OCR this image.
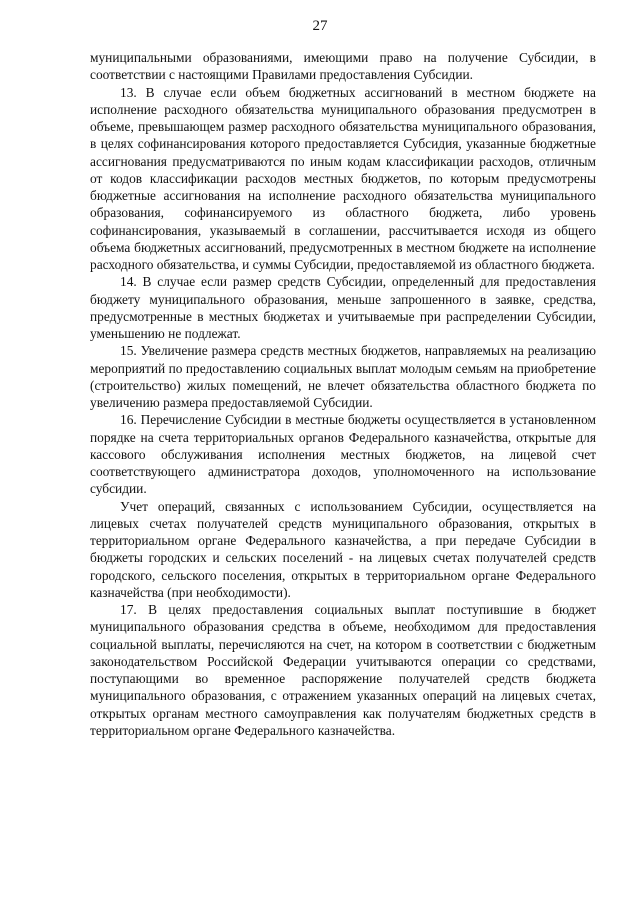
27

муниципальными образованиями, имеющими право на получение Субсидии, в соответствии с настоящими Правилами предоставления Субсидии.

13. В случае если объем бюджетных ассигнований в местном бюджете на исполнение расходного обязательства муниципального образования предусмотрен в объеме, превышающем размер расходного обязательства муниципального образования, в целях софинансирования которого предоставляется Субсидия, указанные бюджетные ассигнования предусматриваются по иным кодам классификации расходов, отличным от кодов классификации расходов местных бюджетов, по которым предусмотрены бюджетные ассигнования на исполнение расходного обязательства муниципального образования, софинансируемого из областного бюджета, либо уровень софинансирования, указываемый в соглашении, рассчитывается исходя из общего объема бюджетных ассигнований, предусмотренных в местном бюджете на исполнение расходного обязательства, и суммы Субсидии, предоставляемой из областного бюджета.

14. В случае если размер средств Субсидии, определенный для предоставления бюджету муниципального образования, меньше запрошенного в заявке, средства, предусмотренные в местных бюджетах и учитываемые при распределении Субсидии, уменьшению не подлежат.

15. Увеличение размера средств местных бюджетов, направляемых на реализацию мероприятий по предоставлению социальных выплат молодым семьям на приобретение (строительство) жилых помещений, не влечет обязательства областного бюджета по увеличению размера предоставляемой Субсидии.

16. Перечисление Субсидии в местные бюджеты осуществляется в установленном порядке на счета территориальных органов Федерального казначейства, открытые для кассового обслуживания исполнения местных бюджетов, на лицевой счет соответствующего администратора доходов, уполномоченного на использование субсидии.

Учет операций, связанных с использованием Субсидии, осуществляется на лицевых счетах получателей средств муниципального образования, открытых в территориальном органе Федерального казначейства, а при передаче Субсидии в бюджеты городских и сельских поселений - на лицевых счетах получателей средств городского, сельского поселения, открытых в территориальном органе Федерального казначейства (при необходимости).

17. В целях предоставления социальных выплат поступившие в бюджет муниципального образования средства в объеме, необходимом для предоставления социальной выплаты, перечисляются на счет, на котором в соответствии с бюджетным законодательством Российской Федерации учитываются операции со средствами, поступающими во временное распоряжение получателей средств бюджета муниципального образования, с отражением указанных операций на лицевых счетах, открытых органам местного самоуправления как получателям бюджетных средств в территориальном органе Федерального казначейства.
